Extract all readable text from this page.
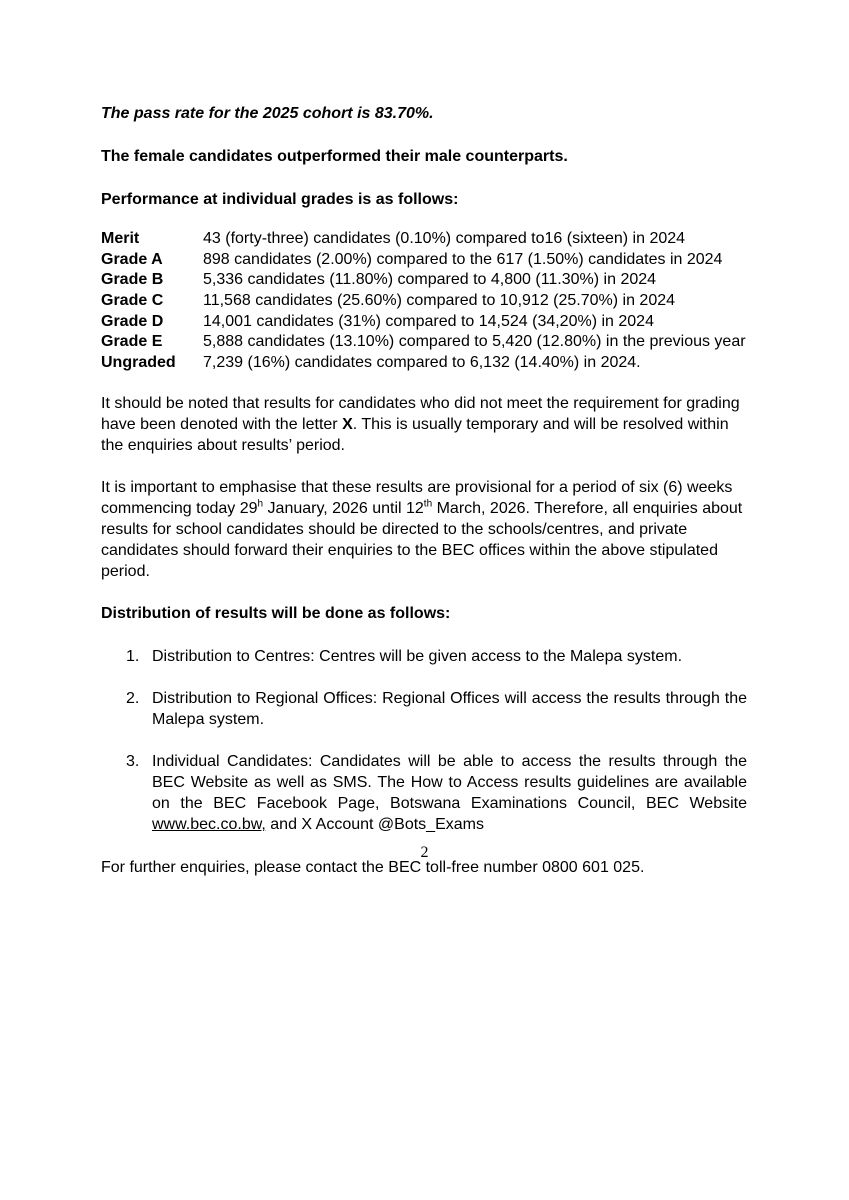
The pass rate for the 2025 cohort is 83.70%.

The female candidates outperformed their male counterparts.

Performance at individual grades is as follows:

Merit	43 (forty-three) candidates (0.10%) compared to16 (sixteen) in 2024
Grade A	898 candidates (2.00%) compared to the 617 (1.50%) candidates in 2024
Grade B	5,336 candidates (11.80%) compared to 4,800 (11.30%) in 2024
Grade C	11,568 candidates (25.60%) compared to 10,912 (25.70%) in 2024
Grade D	14,001 candidates (31%) compared to 14,524 (34,20%) in 2024
Grade E	5,888 candidates (13.10%) compared to 5,420 (12.80%) in the previous year
Ungraded	7,239 (16%) candidates compared to 6,132 (14.40%) in 2024.

It should be noted that results for candidates who did not meet the requirement for grading have been denoted with the letter X. This is usually temporary and will be resolved within the enquiries about results’ period.

It is important to emphasise that these results are provisional for a period of six (6) weeks commencing today 29$^h$ January, 2026 until 12th March, 2026. Therefore, all enquiries about results for school candidates should be directed to the schools/centres, and private candidates should forward their enquiries to the BEC offices within the above stipulated period.

Distribution of results will be done as follows:

1. Distribution to Centres: Centres will be given access to the Malepa system.
2. Distribution to Regional Offices: Regional Offices will access the results through the Malepa system.
3. Individual Candidates: Candidates will be able to access the results through the BEC Website as well as SMS. The How to Access results guidelines are available on the BEC Facebook Page, Botswana Examinations Council, BEC Website www.bec.co.bw, and X Account @Bots_Exams

For further enquiries, please contact the BEC toll-free number 0800 601 025.

2
